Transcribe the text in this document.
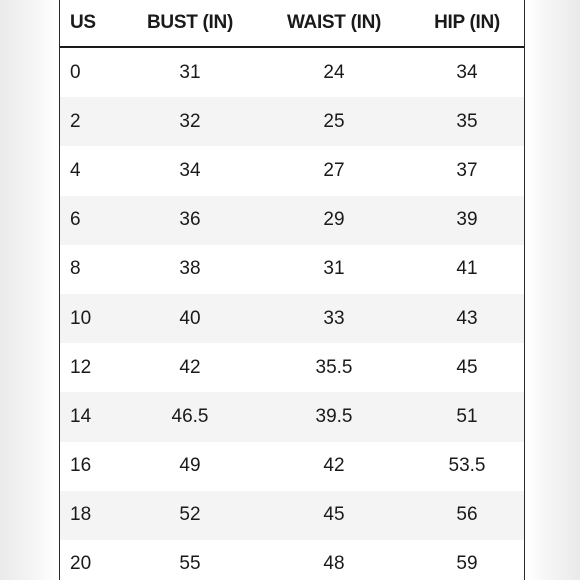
US	BUST (IN)	WAIST (IN)	HIP (IN)
0	31	24	34
2	32	25	35
4	34	27	37
6	36	29	39
8	38	31	41
10	40	33	43
12	42	35.5	45
14	46.5	39.5	51
16	49	42	53.5
18	52	45	56
20	55	48	59
